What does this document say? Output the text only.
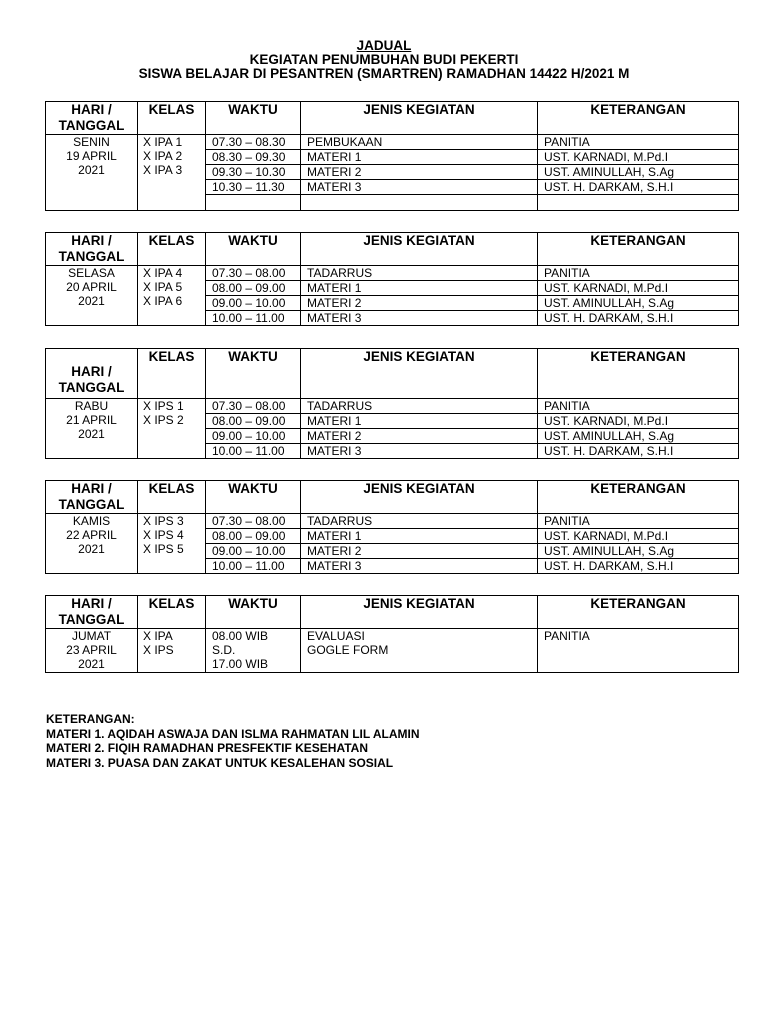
JADUAL
KEGIATAN PENUMBUHAN BUDI PEKERTI
SISWA BELAJAR DI PESANTREN (SMARTREN) RAMADHAN 14422 H/2021 M
HARI /
TANGGAL	KELAS	WAKTU	JENIS KEGIATAN	KETERANGAN
SENIN
19 APRIL
2021	X IPA 1
X IPA 2
X IPA 3	07.30 – 08.30	PEMBUKAAN	PANITIA
		08.30 – 09.30	MATERI 1	UST. KARNADI, M.Pd.I
		09.30 – 10.30	MATERI 2	UST. AMINULLAH, S.Ag
		10.30 – 11.30	MATERI 3	UST. H. DARKAM, S.H.I

HARI /
TANGGAL	KELAS	WAKTU	JENIS KEGIATAN	KETERANGAN
SELASA
20 APRIL
2021	X IPA 4
X IPA 5
X IPA 6	07.30 – 08.00	TADARRUS	PANITIA
		08.00 – 09.00	MATERI 1	UST. KARNADI, M.Pd.I
		09.00 – 10.00	MATERI 2	UST. AMINULLAH, S.Ag
		10.00 – 11.00	MATERI 3	UST. H. DARKAM, S.H.I
HARI /
TANGGAL	KELAS	WAKTU	JENIS KEGIATAN	KETERANGAN
RABU
21 APRIL
2021	X IPS 1
X IPS 2	07.30 – 08.00	TADARRUS	PANITIA
		08.00 – 09.00	MATERI 1	UST. KARNADI, M.Pd.I
		09.00 – 10.00	MATERI 2	UST. AMINULLAH, S.Ag
		10.00 – 11.00	MATERI 3	UST. H. DARKAM, S.H.I
HARI /
TANGGAL	KELAS	WAKTU	JENIS KEGIATAN	KETERANGAN
KAMIS
22 APRIL
2021	X IPS 3
X IPS 4
X IPS 5	07.30 – 08.00	TADARRUS	PANITIA
		08.00 – 09.00	MATERI 1	UST. KARNADI, M.Pd.I
		09.00 – 10.00	MATERI 2	UST. AMINULLAH, S.Ag
		10.00 – 11.00	MATERI 3	UST. H. DARKAM, S.H.I
HARI /
TANGGAL	KELAS	WAKTU	JENIS KEGIATAN	KETERANGAN
JUMAT
23 APRIL
2021	X IPA
X IPS	08.00 WIB
S.D.
17.00 WIB	EVALUASI
GOGLE FORM	PANITIA
KETERANGAN:
MATERI 1. AQIDAH ASWAJA DAN ISLMA RAHMATAN LIL ALAMIN
MATERI 2. FIQIH RAMADHAN PRESFEKTIF KESEHATAN
MATERI 3. PUASA DAN ZAKAT UNTUK KESALEHAN SOSIAL
